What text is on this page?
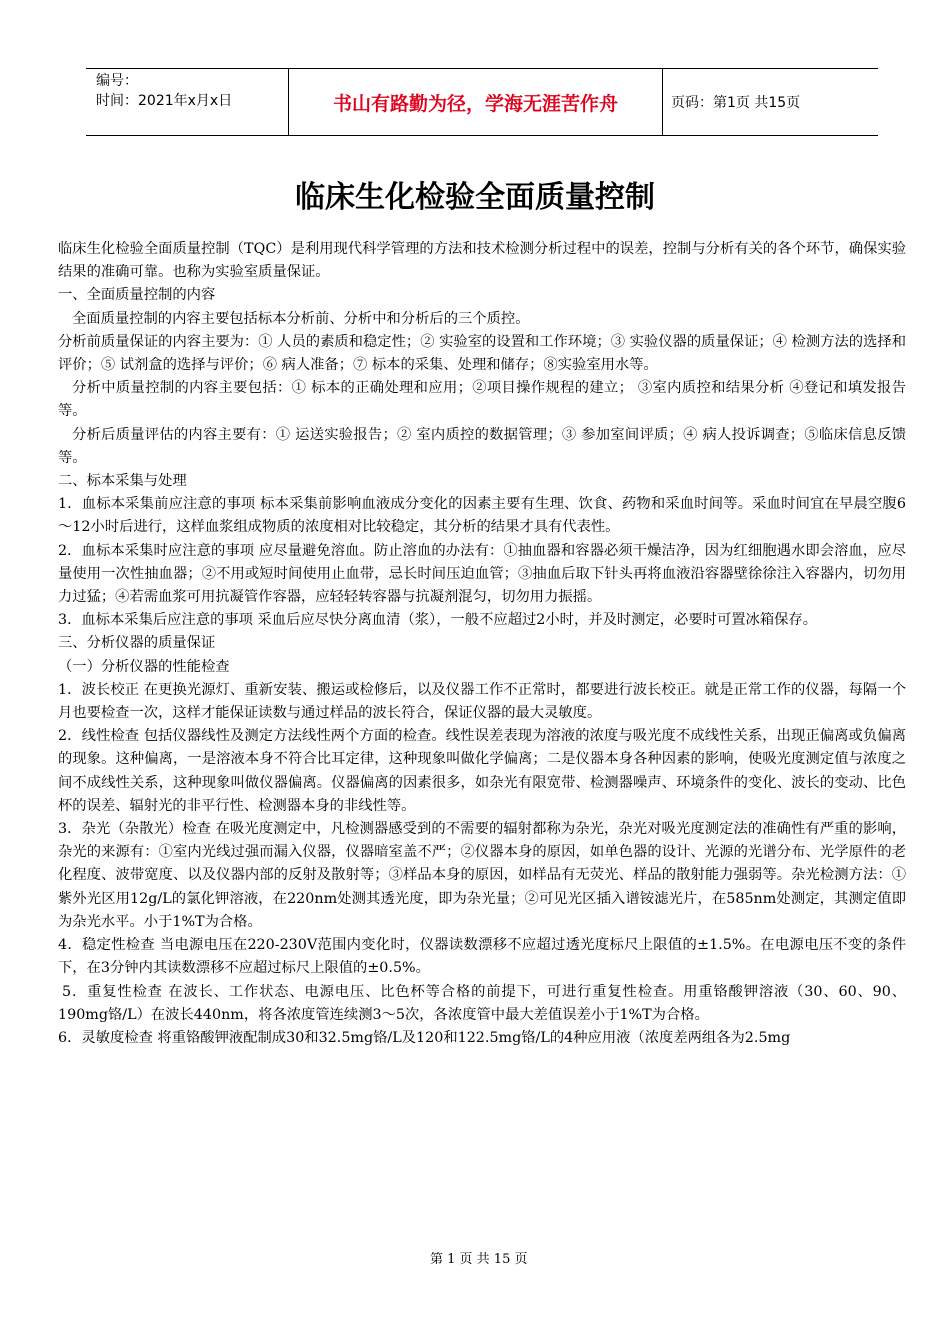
编号：
时间：2021年x月x日	书山有路勤为径，学海无涯苦作舟	页码：第1页 共15页
临床生化检验全面质量控制

临床生化检验全面质量控制（TQC）是利用现代科学管理的方法和技术检测分析过程中的误差，控制与分析有关的各个环节，确保实验结果的准确可靠。也称为实验室质量保证。

一、全面质量控制的内容

全面质量控制的内容主要包括标本分析前、分析中和分析后的三个质控。

分析前质量保证的内容主要为：① 人员的素质和稳定性；② 实验室的设置和工作环境；③ 实验仪器的质量保证；④ 检测方法的选择和评价；⑤ 试剂盒的选择与评价；⑥ 病人准备；⑦ 标本的采集、处理和储存；⑧实验室用水等。

分析中质量控制的内容主要包括：① 标本的正确处理和应用；②项目操作规程的建立； ③室内质控和结果分析 ④登记和填发报告等。

分析后质量评估的内容主要有：① 运送实验报告；② 室内质控的数据管理；③ 参加室间评质；④ 病人投诉调查；⑤临床信息反馈等。

二、标本采集与处理

1．血标本采集前应注意的事项 标本采集前影响血液成分变化的因素主要有生理、饮食、药物和采血时间等。采血时间宜在早晨空腹6～12小时后进行，这样血浆组成物质的浓度相对比较稳定，其分析的结果才具有代表性。

2．血标本采集时应注意的事项 应尽量避免溶血。防止溶血的办法有：①抽血器和容器必须干燥洁净，因为红细胞遇水即会溶血，应尽量使用一次性抽血器；②不用或短时间使用止血带，忌长时间压迫血管；③抽血后取下针头再将血液沿容器壁徐徐注入容器内，切勿用力过猛；④若需血浆可用抗凝管作容器，应轻轻转容器与抗凝剂混匀，切勿用力振摇。

3．血标本采集后应注意的事项 采血后应尽快分离血清（浆），一般不应超过2小时，并及时测定，必要时可置冰箱保存。

三、分析仪器的质量保证

（一）分析仪器的性能检查

1．波长校正 在更换光源灯、重新安装、搬运或检修后，以及仪器工作不正常时，都要进行波长校正。就是正常工作的仪器，每隔一个月也要检查一次，这样才能保证读数与通过样品的波长符合，保证仪器的最大灵敏度。

2．线性检查 包括仪器线性及测定方法线性两个方面的检查。线性误差表现为溶液的浓度与吸光度不成线性关系，出现正偏离或负偏离的现象。这种偏离，一是溶液本身不符合比耳定律，这种现象叫做化学偏离；二是仪器本身各种因素的影响，使吸光度测定值与浓度之间不成线性关系，这种现象叫做仪器偏离。仪器偏离的因素很多，如杂光有限宽带、检测器噪声、环境条件的变化、波长的变动、比色杯的误差、辐射光的非平行性、检测器本身的非线性等。

3．杂光（杂散光）检查 在吸光度测定中，凡检测器感受到的不需要的辐射都称为杂光，杂光对吸光度测定法的准确性有严重的影响，杂光的来源有：①室内光线过强而漏入仪器，仪器暗室盖不严；②仪器本身的原因，如单色器的设计、光源的光谱分布、光学原件的老化程度、波带宽度、以及仪器内部的反射及散射等；③样品本身的原因，如样品有无荧光、样品的散射能力强弱等。杂光检测方法：①紫外光区用12g/L的氯化钾溶液，在220nm处测其透光度，即为杂光量；②可见光区插入谱铵滤光片，在585nm处测定，其测定值即为杂光水平。小于1%T为合格。

4．稳定性检查 当电源电压在220-230V范围内变化时，仪器读数漂移不应超过透光度标尺上限值的±1.5%。在电源电压不变的条件下，在3分钟内其读数漂移不应超过标尺上限值的±0.5%。

5．重复性检查 在波长、工作状态、电源电压、比色杯等合格的前提下，可进行重复性检查。用重铬酸钾溶液（30、60、90、190mg铬/L）在波长440nm，将各浓度管连续测3～5次，各浓度管中最大差值误差小于1%T为合格。

6．灵敏度检查 将重铬酸钾液配制成30和32.5mg铬/L及120和122.5mg铬/L的4种应用液（浓度差两组各为2.5mg

第 1 页 共 15 页
